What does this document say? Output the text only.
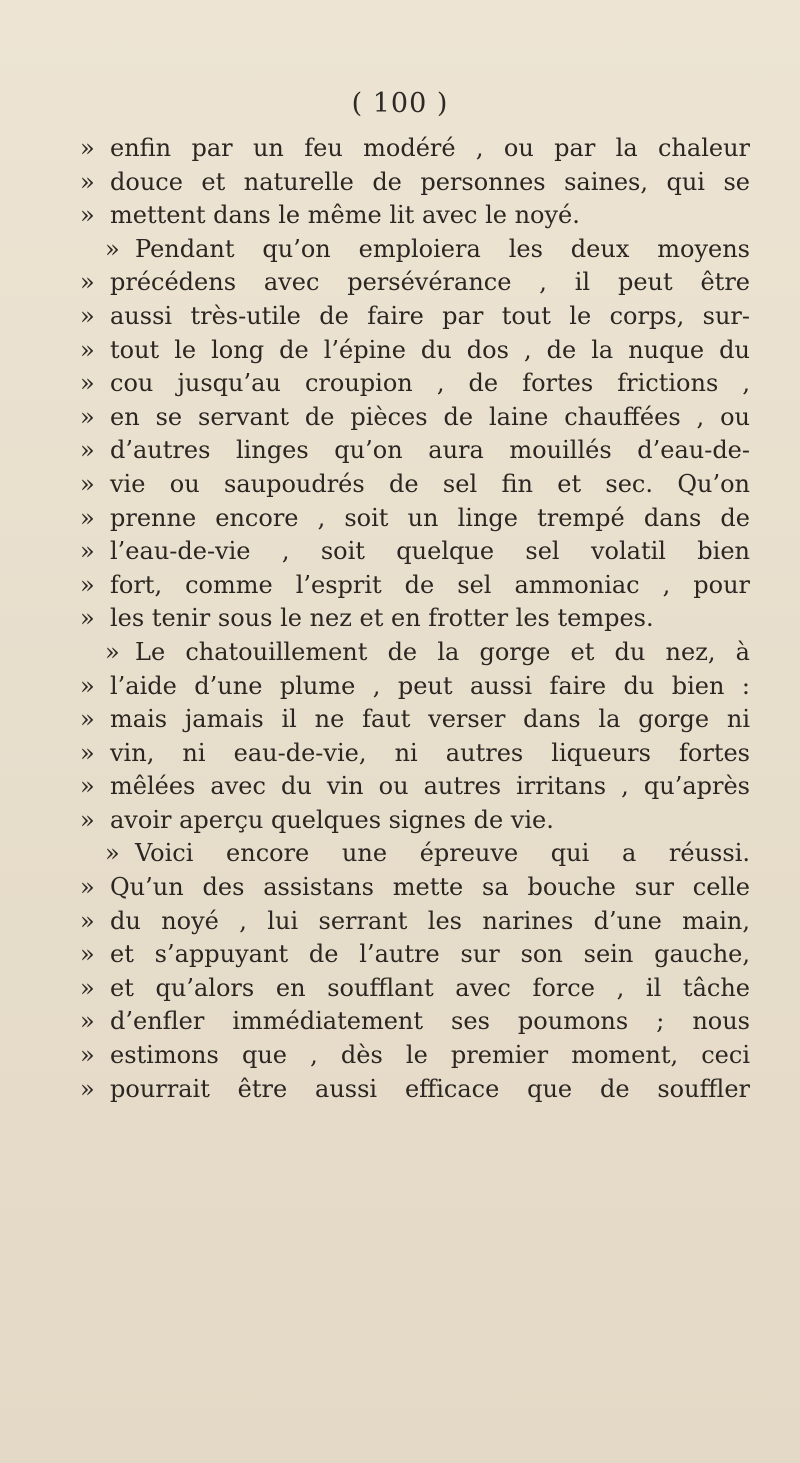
( 100 )
» enfin par un feu modéré , ou par la chaleur
» douce et naturelle de personnes saines, qui se
» mettent dans le même lit avec le noyé.
» Pendant qu’on emploiera les deux moyens
» précédens avec persévérance , il peut être
» aussi très-utile de faire par tout le corps, sur-
» tout le long de l’épine du dos , de la nuque du
» cou jusqu’au croupion , de fortes frictions ,
» en se servant de pièces de laine chauffées , ou
» d’autres linges qu’on aura mouillés d’eau-de-
» vie ou saupoudrés de sel fin et sec. Qu’on
» prenne encore , soit un linge trempé dans de
» l’eau-de-vie , soit quelque sel volatil bien
» fort, comme l’esprit de sel ammoniac , pour
» les tenir sous le nez et en frotter les tempes.
» Le chatouillement de la gorge et du nez, à
» l’aide d’une plume , peut aussi faire du bien :
» mais jamais il ne faut verser dans la gorge ni
» vin, ni eau-de-vie, ni autres liqueurs fortes
» mêlées avec du vin ou autres irritans , qu’après
» avoir aperçu quelques signes de vie.
» Voici encore une épreuve qui a réussi.
» Qu’un des assistans mette sa bouche sur celle
» du noyé , lui serrant les narines d’une main,
» et s’appuyant de l’autre sur son sein gauche,
» et qu’alors en soufflant avec force , il tâche
» d’enfler immédiatement ses poumons ; nous
» estimons que , dès le premier moment, ceci
» pourrait être aussi efficace que de souffler
